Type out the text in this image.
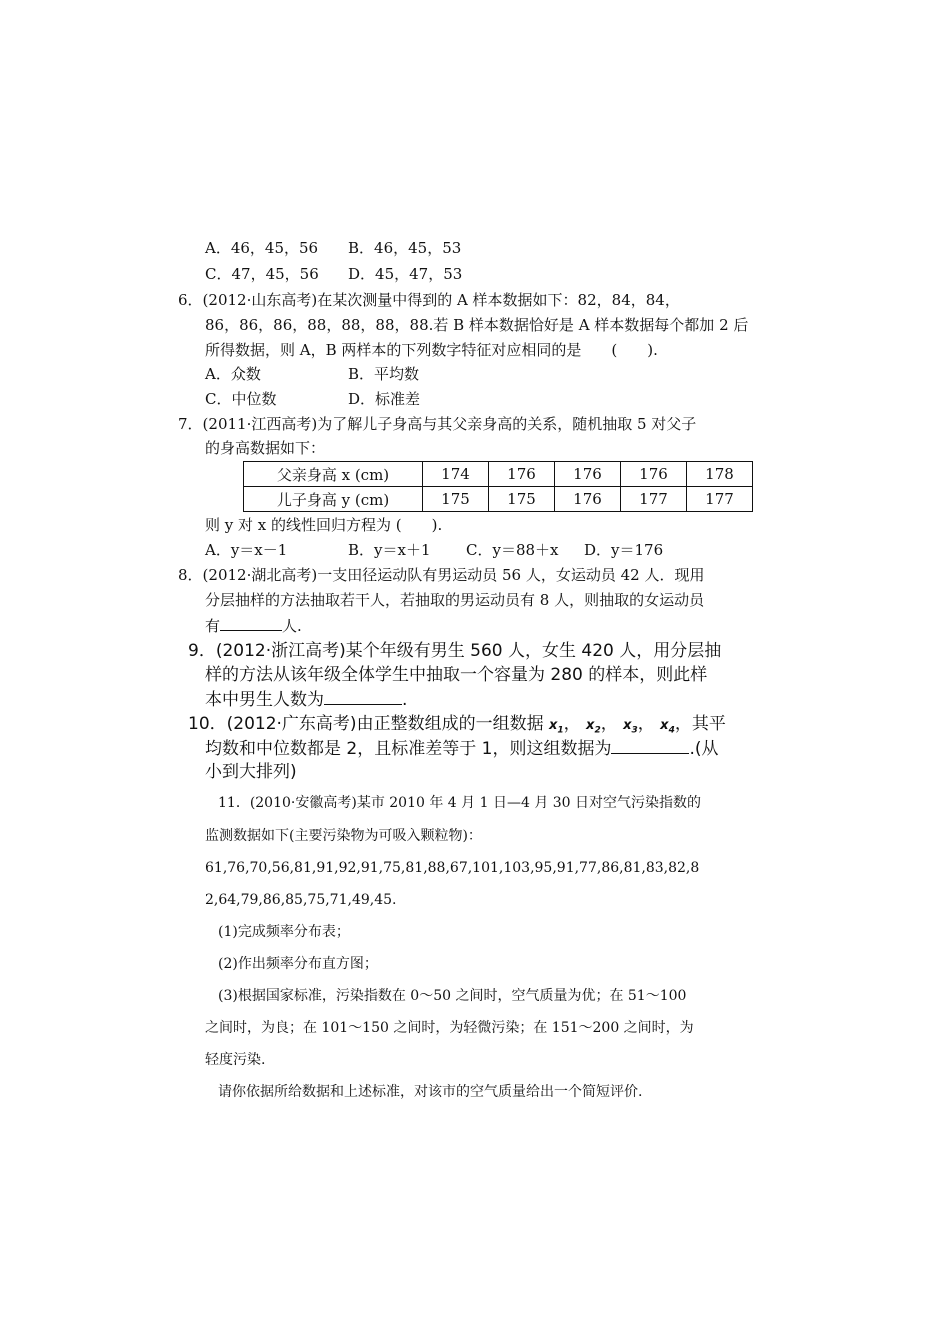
A．46，45，56 B．46，45，53
C．47，45，56 D．45，47，53
6．(2012·山东高考)在某次测量中得到的 A 样本数据如下：82，84，84，
86，86，86，88，88，88，88.若 B 样本数据恰好是 A 样本数据每个都加 2 后
所得数据，则 A，B 两样本的下列数字特征对应相同的是　　(　　).
A．众数	B．平均数
C．中位数	D．标准差
7．(2011·江西高考)为了解儿子身高与其父亲身高的关系，随机抽取 5 对父子
的身高数据如下：
父亲身高 x (cm)	174	176	176	176	178
儿子身高 y (cm)	175	175	176	177	177
则 y 对 x 的线性回归方程为 (　　).
A．y＝x－1	B．y＝x＋1 C．y＝88＋x D．y＝176
8．(2012·湖北高考)一支田径运动队有男运动员 56 人，女运动员 42 人．现用
分层抽样的方法抽取若干人，若抽取的男运动员有 8 人，则抽取的女运动员
有	人.
9．(2012·浙江高考)某个年级有男生 560 人，女生 420 人，用分层抽
样的方法从该年级全体学生中抽取一个容量为 280 的样本，则此样
本中男生人数为	.
10．(2012·广东高考)由正整数组成的一组数据 $x_1$， $x_2$， $x_3$， $x_4$，其平
均数和中位数都是 2，且标准差等于 1，则这组数据为	.(从
小到大排列)
11．(2010·安徽高考)某市 2010 年 4 月 1 日—4 月 30 日对空气污染指数的
监测数据如下(主要污染物为可吸入颗粒物)：
61,76,70,56,81,91,92,91,75,81,88,67,101,103,95,91,77,86,81,83,82,8
2,64,79,86,85,75,71,49,45.
(1)完成频率分布表；
(2)作出频率分布直方图；
(3)根据国家标准，污染指数在 0～50 之间时，空气质量为优；在 51～100
之间时，为良；在 101～150 之间时，为轻微污染；在 151～200 之间时，为
轻度污染.
请你依据所给数据和上述标准，对该市的空气质量给出一个简短评价.
